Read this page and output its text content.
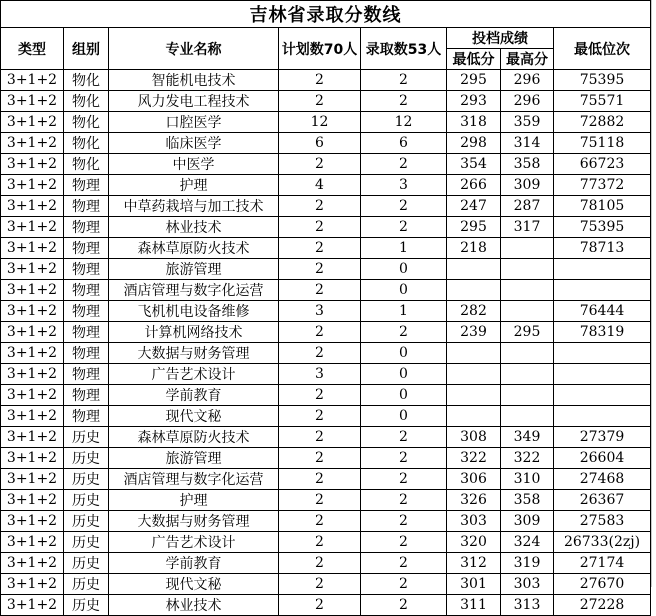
吉林省录取分数线							
类型	组别	专业名称	计划数70人	录取数53人	投档成绩		最低位次
					最低分	最高分	
3+1+2	物化	智能机电技术	2	2	295	296	75395
3+1+2	物化	风力发电工程技术	2	2	293	296	75571
3+1+2	物化	口腔医学	12	12	318	359	72882
3+1+2	物化	临床医学	6	6	298	314	75118
3+1+2	物化	中医学	2	2	354	358	66723
3+1+2	物理	护理	4	3	266	309	77372
3+1+2	物理	中草药栽培与加工技术	2	2	247	287	78105
3+1+2	物理	林业技术	2	2	295	317	75395
3+1+2	物理	森林草原防火技术	2	1	218		78713
3+1+2	物理	旅游管理	2	0			
3+1+2	物理	酒店管理与数字化运营	2	0			
3+1+2	物理	飞机机电设备维修	3	1	282		76444
3+1+2	物理	计算机网络技术	2	2	239	295	78319
3+1+2	物理	大数据与财务管理	2	0			
3+1+2	物理	广告艺术设计	3	0			
3+1+2	物理	学前教育	2	0			
3+1+2	物理	现代文秘	2	0			
3+1+2	历史	森林草原防火技术	2	2	308	349	27379
3+1+2	历史	旅游管理	2	2	322	322	26604
3+1+2	历史	酒店管理与数字化运营	2	2	306	310	27468
3+1+2	历史	护理	2	2	326	358	26367
3+1+2	历史	大数据与财务管理	2	2	303	309	27583
3+1+2	历史	广告艺术设计	2	2	320	324	26733(2zj)
3+1+2	历史	学前教育	2	2	312	319	27174
3+1+2	历史	现代文秘	2	2	301	303	27670
3+1+2	历史	林业技术	2	2	311	313	27228
